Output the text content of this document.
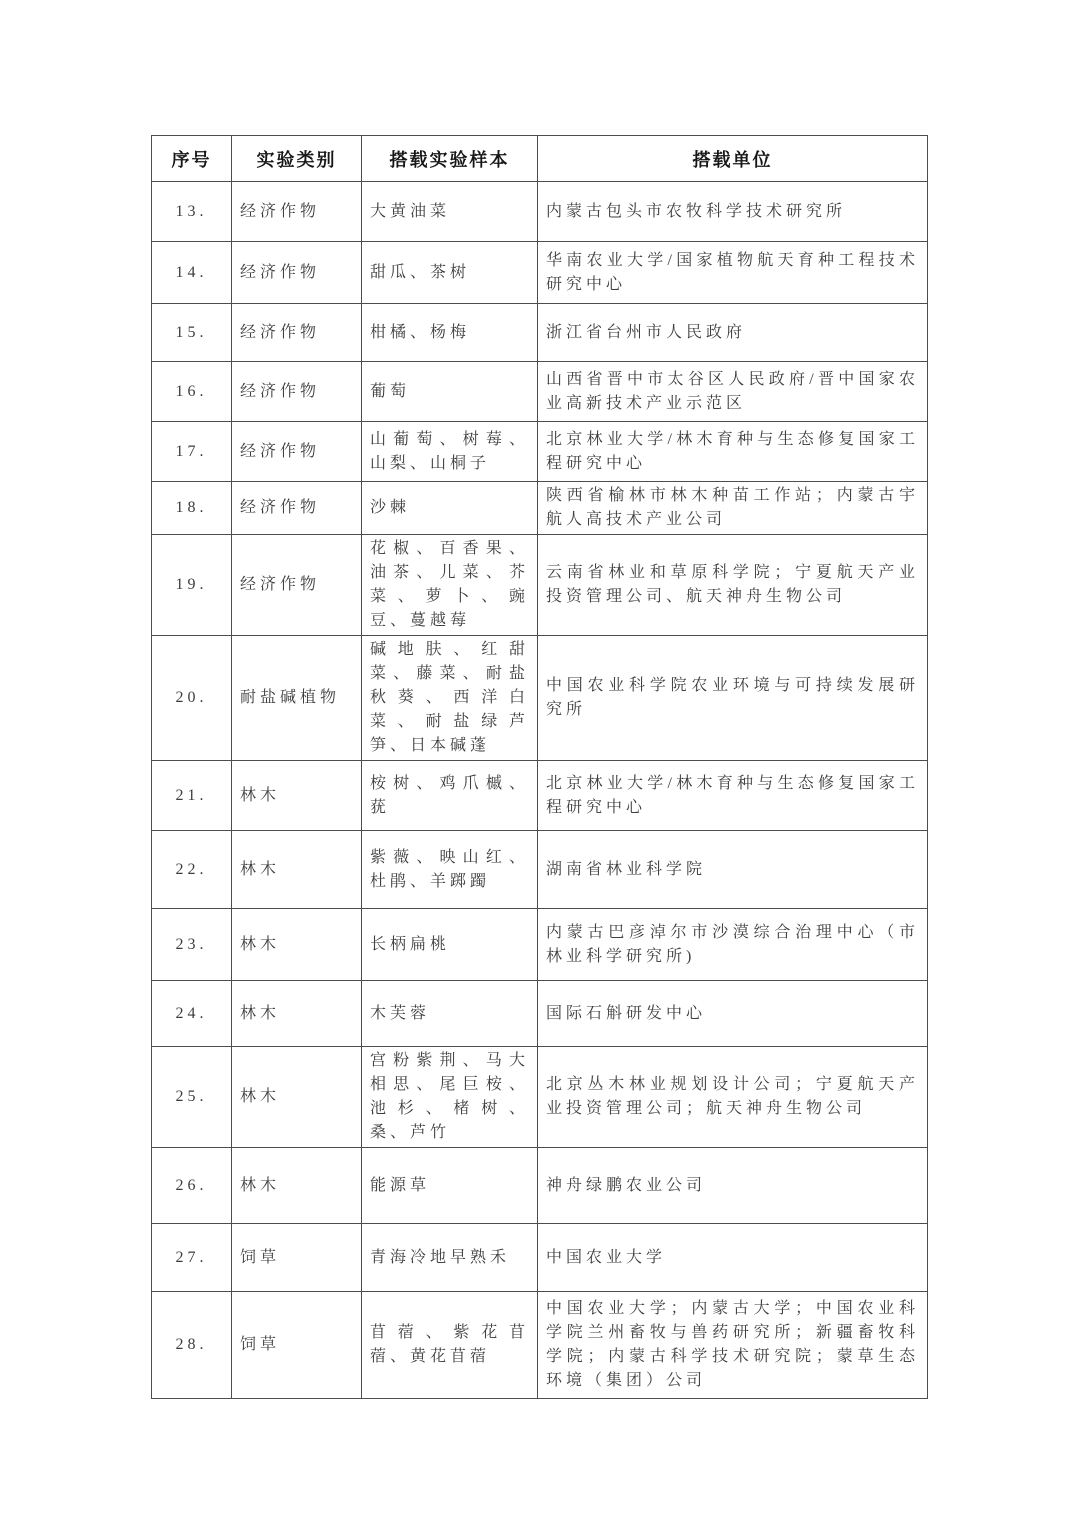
序号	实验类别	搭载实验样本	搭载单位
13.	经济作物	大黄油菜	内蒙古包头市农牧科学技术研究所
14.	经济作物	甜瓜、茶树	华南农业大学/国家植物航天育种工程技术研究中心
15.	经济作物	柑橘、杨梅	浙江省台州市人民政府
16.	经济作物	葡萄	山西省晋中市太谷区人民政府/晋中国家农业高新技术产业示范区
17.	经济作物	山葡萄、树莓、山梨、山桐子	北京林业大学/林木育种与生态修复国家工程研究中心
18.	经济作物	沙棘	陕西省榆林市林木种苗工作站；内蒙古宇航人高技术产业公司
19.	经济作物	花椒、百香果、油茶、儿菜、芥菜、萝卜、豌豆、蔓越莓	云南省林业和草原科学院；宁夏航天产业投资管理公司、航天神舟生物公司
20.	耐盐碱植物	碱地肤、红甜菜、藤菜、耐盐秋葵、西洋白菜、耐盐绿芦笋、日本碱蓬	中国农业科学院农业环境与可持续发展研究所
21.	林木	桉树、鸡爪槭、莸	北京林业大学/林木育种与生态修复国家工程研究中心
22.	林木	紫薇、映山红、杜鹃、羊踯躅	湖南省林业科学院
23.	林木	长柄扁桃	内蒙古巴彦淖尔市沙漠综合治理中心（市林业科学研究所)
24.	林木	木芙蓉	国际石斛研发中心
25.	林木	宫粉紫荆、马大相思、尾巨桉、池杉、楮树、桑、芦竹	北京丛木林业规划设计公司；宁夏航天产业投资管理公司；航天神舟生物公司
26.	林木	能源草	神舟绿鹏农业公司
27.	饲草	青海冷地早熟禾	中国农业大学
28.	饲草	苜蓿、紫花苜蓿、黄花苜蓿	中国农业大学；内蒙古大学；中国农业科学院兰州畜牧与兽药研究所；新疆畜牧科学院；内蒙古科学技术研究院；蒙草生态环境（集团）公司
